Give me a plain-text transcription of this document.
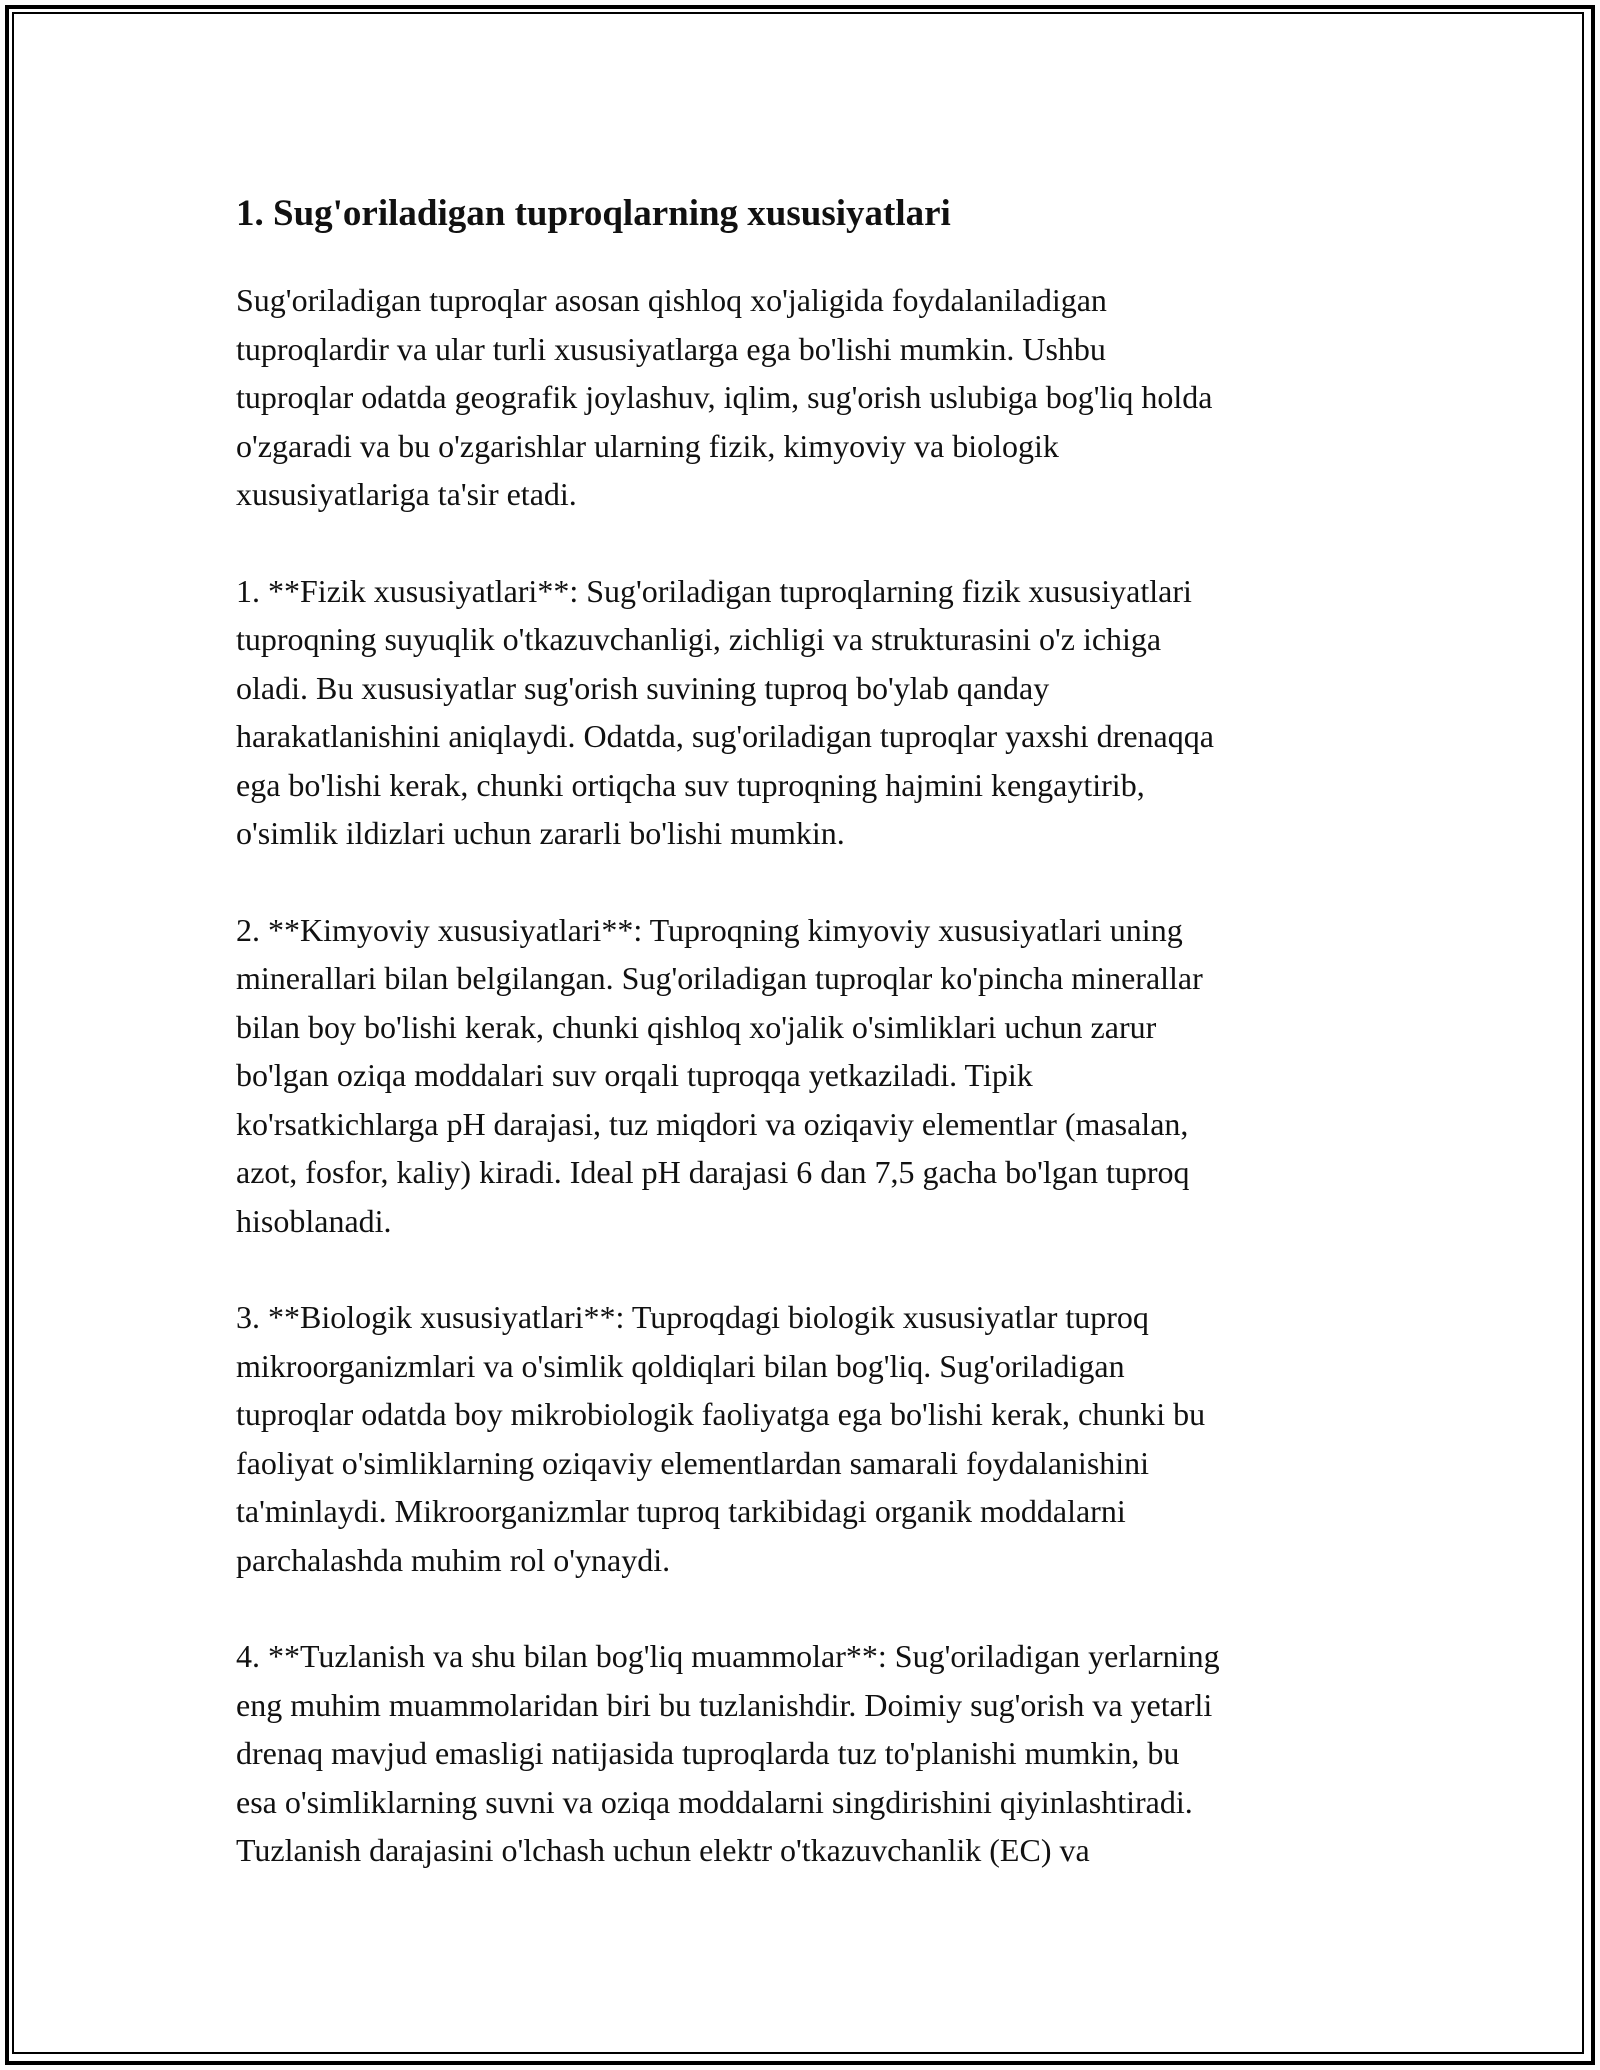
1. Sug'oriladigan tuproqlarning xususiyatlari

Sug'oriladigan tuproqlar asosan qishloq xo'jaligida foydalaniladigan
tuproqlardir va ular turli xususiyatlarga ega bo'lishi mumkin. Ushbu
tuproqlar odatda geografik joylashuv, iqlim, sug'orish uslubiga bog'liq holda
o'zgaradi va bu o'zgarishlar ularning fizik, kimyoviy va biologik
xususiyatlariga ta'sir etadi.

1. **Fizik xususiyatlari**: Sug'oriladigan tuproqlarning fizik xususiyatlari
tuproqning suyuqlik o'tkazuvchanligi, zichligi va strukturasini o'z ichiga
oladi. Bu xususiyatlar sug'orish suvining tuproq bo'ylab qanday
harakatlanishini aniqlaydi. Odatda, sug'oriladigan tuproqlar yaxshi drenaqqa
ega bo'lishi kerak, chunki ortiqcha suv tuproqning hajmini kengaytirib,
o'simlik ildizlari uchun zararli bo'lishi mumkin.

2. **Kimyoviy xususiyatlari**: Tuproqning kimyoviy xususiyatlari uning
minerallari bilan belgilangan. Sug'oriladigan tuproqlar ko'pincha minerallar
bilan boy bo'lishi kerak, chunki qishloq xo'jalik o'simliklari uchun zarur
bo'lgan oziqa moddalari suv orqali tuproqqa yetkaziladi. Tipik
ko'rsatkichlarga pH darajasi, tuz miqdori va oziqaviy elementlar (masalan,
azot, fosfor, kaliy) kiradi. Ideal pH darajasi 6 dan 7,5 gacha bo'lgan tuproq
hisoblanadi.

3. **Biologik xususiyatlari**: Tuproqdagi biologik xususiyatlar tuproq
mikroorganizmlari va o'simlik qoldiqlari bilan bog'liq. Sug'oriladigan
tuproqlar odatda boy mikrobiologik faoliyatga ega bo'lishi kerak, chunki bu
faoliyat o'simliklarning oziqaviy elementlardan samarali foydalanishini
ta'minlaydi. Mikroorganizmlar tuproq tarkibidagi organik moddalarni
parchalashda muhim rol o'ynaydi.

4. **Tuzlanish va shu bilan bog'liq muammolar**: Sug'oriladigan yerlarning
eng muhim muammolaridan biri bu tuzlanishdir. Doimiy sug'orish va yetarli
drenaq mavjud emasligi natijasida tuproqlarda tuz to'planishi mumkin, bu
esa o'simliklarning suvni va oziqa moddalarni singdirishini qiyinlashtiradi.
Tuzlanish darajasini o'lchash uchun elektr o'tkazuvchanlik (EC) va
